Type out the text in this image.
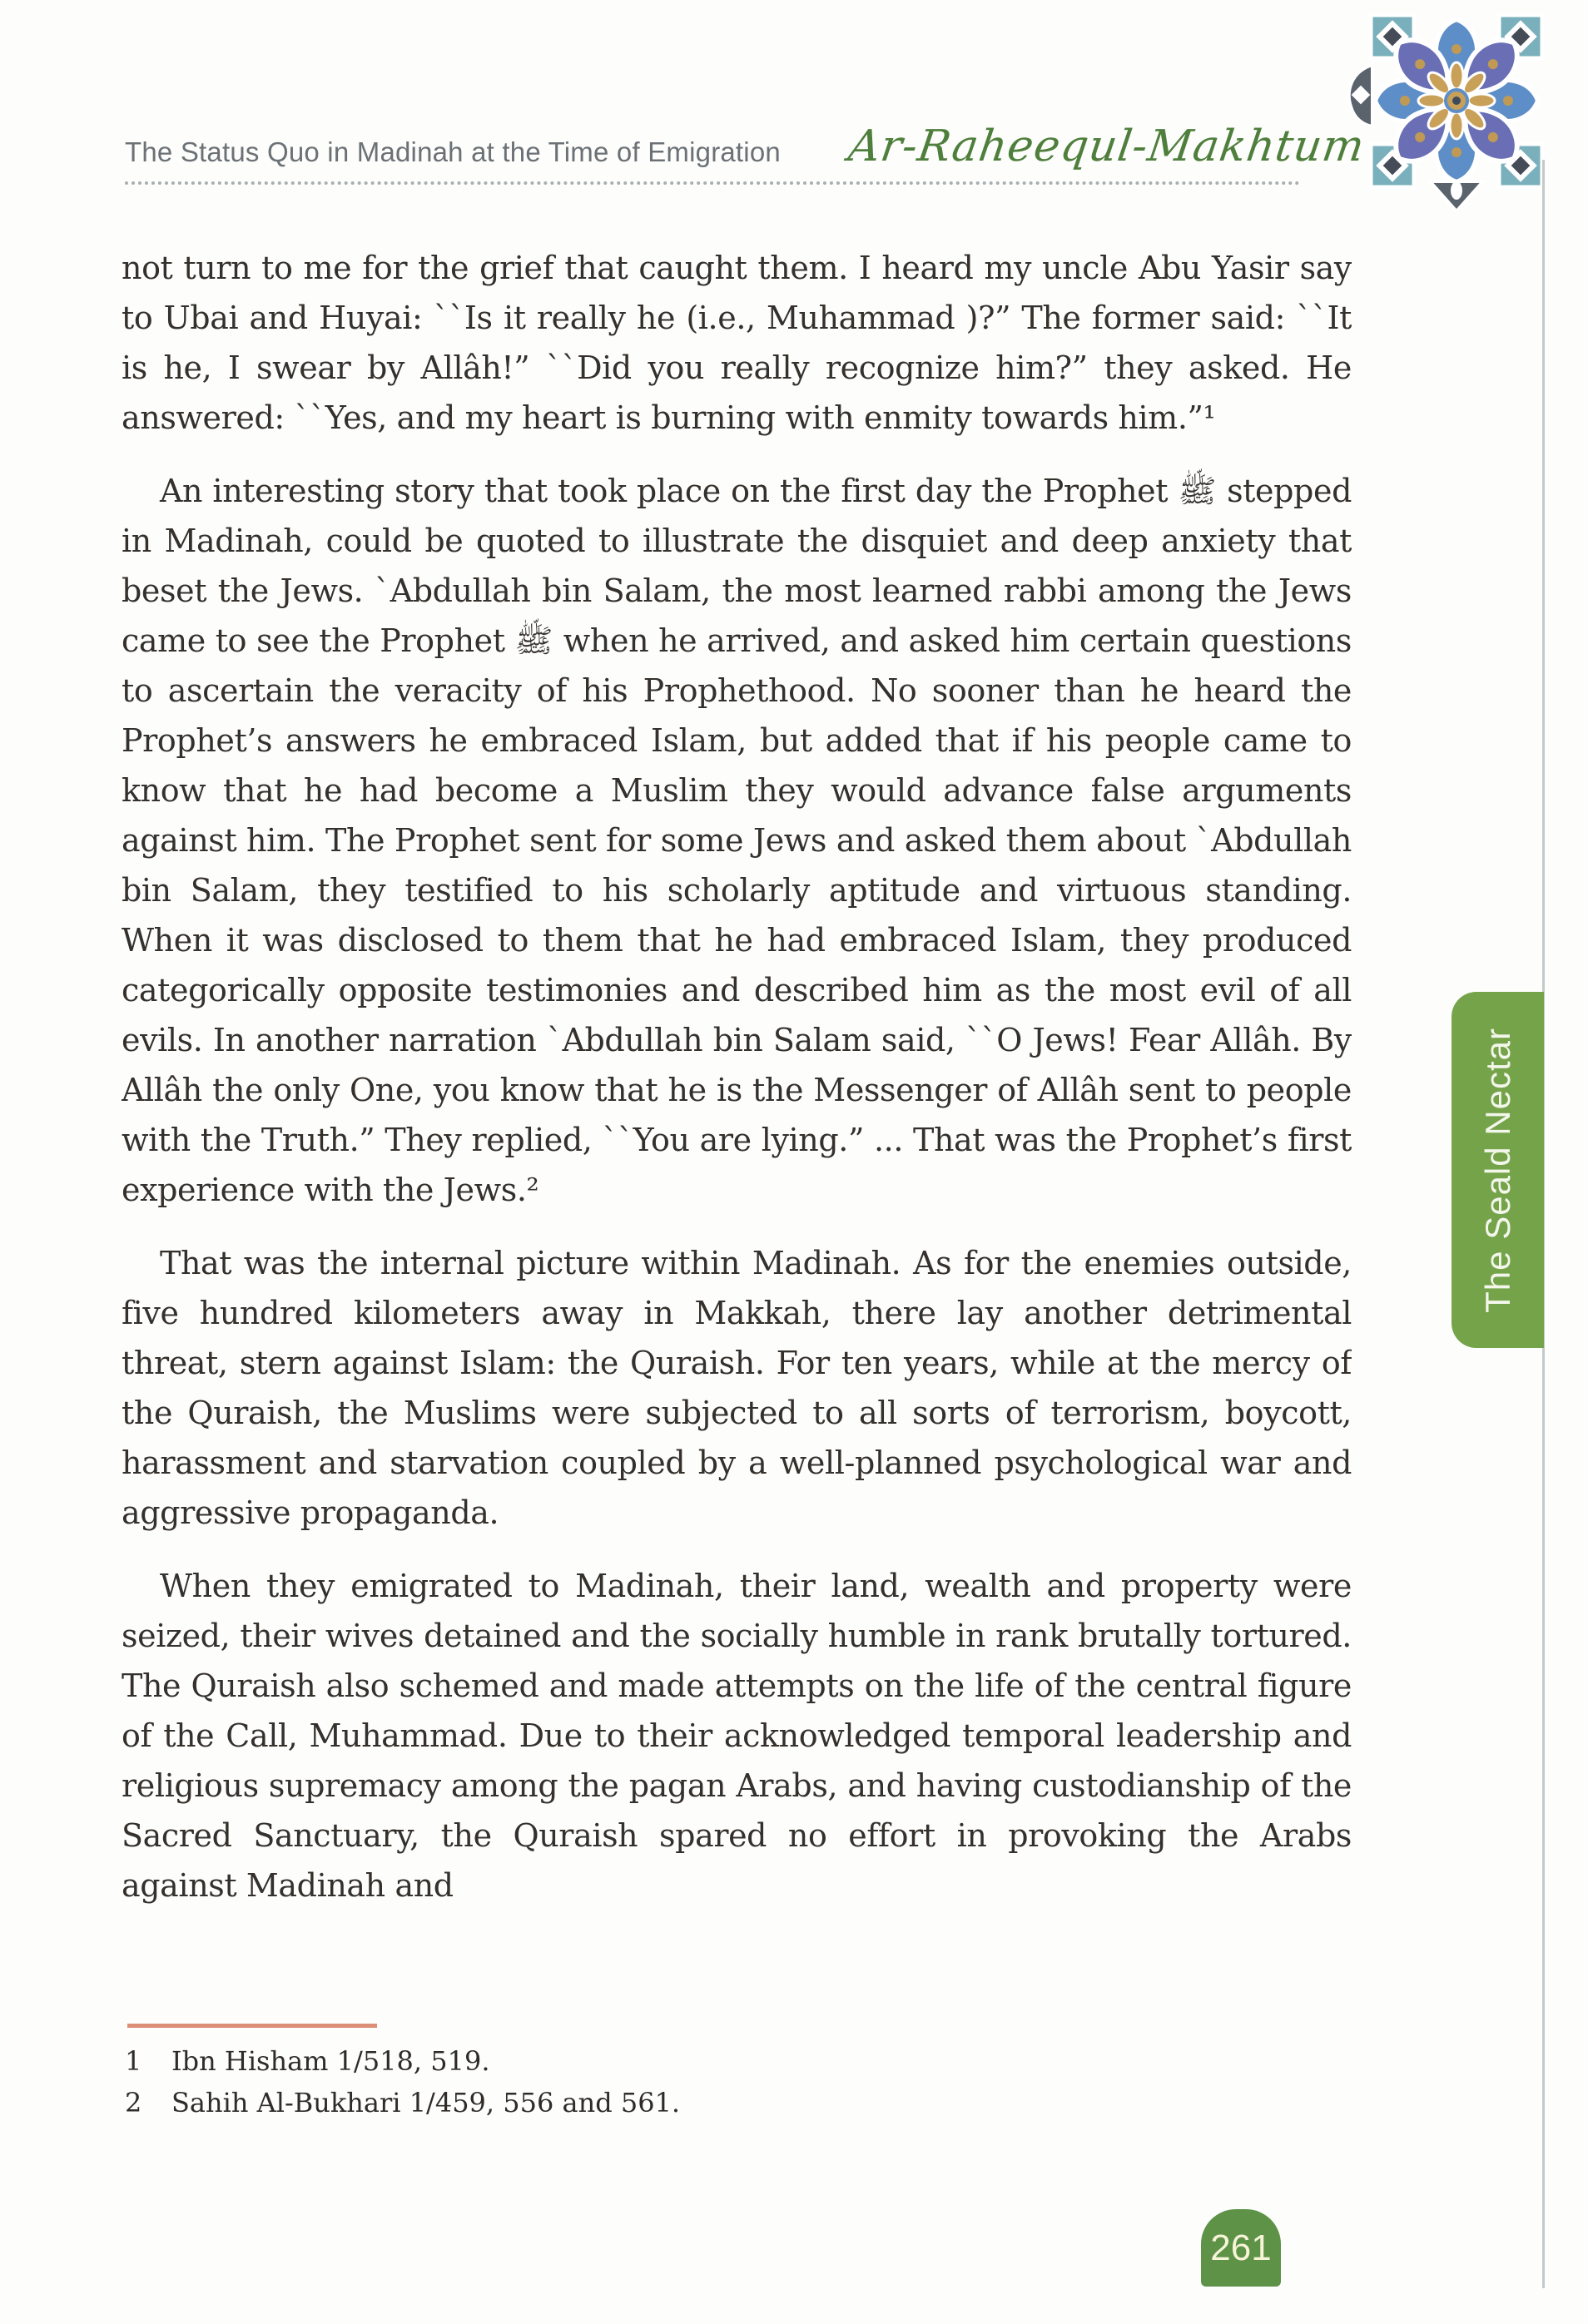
The Status Quo in Madinah at the Time of Emigration	Ar-Raheequl-Makhtum

not turn to me for the grief that caught them. I heard my uncle Abu Yasir say to Ubai and Huyai: ``Is it really he (i.e., Muhammad )?” The former said: ``It is he, I swear by Allâh!” ``Did you really recognize him?” they asked. He answered: ``Yes, and my heart is burning with enmity towards him.”¹

An interesting story that took place on the first day the Prophet ﷺ stepped in Madinah, could be quoted to illustrate the disquiet and deep anxiety that beset the Jews. `Abdullah bin Salam, the most learned rabbi among the Jews came to see the Prophet ﷺ when he arrived, and asked him certain questions to ascertain the veracity of his Prophethood. No sooner than he heard the Prophet’s answers he embraced Islam, but added that if his people came to know that he had become a Muslim they would advance false arguments against him. The Prophet sent for some Jews and asked them about `Abdullah bin Salam, they testified to his scholarly aptitude and virtuous standing. When it was disclosed to them that he had embraced Islam, they produced categorically opposite testimonies and described him as the most evil of all evils. In another narration `Abdullah bin Salam said, ``O Jews! Fear Allâh. By Allâh the only One, you know that he is the Messenger of Allâh sent to people with the Truth.” They replied, ``You are lying.” ... That was the Prophet’s first experience with the Jews.²

That was the internal picture within Madinah. As for the enemies outside, five hundred kilometers away in Makkah, there lay another detrimental threat, stern against Islam: the Quraish. For ten years, while at the mercy of the Quraish, the Muslims were subjected to all sorts of terrorism, boycott, harassment and starvation coupled by a well-planned psychological war and aggressive propaganda.

When they emigrated to Madinah, their land, wealth and property were seized, their wives detained and the socially humble in rank brutally tortured. The Quraish also schemed and made attempts on the life of the central figure of the Call, Muhammad. Due to their acknowledged temporal leadership and religious supremacy among the pagan Arabs, and having custodianship of the Sacred Sanctuary, the Quraish spared no effort in provoking the Arabs against Madinah and

1	Ibn Hisham 1/518, 519.
2	Sahih Al-Bukhari 1/459, 556 and 561.
The Seald Nectar
261
